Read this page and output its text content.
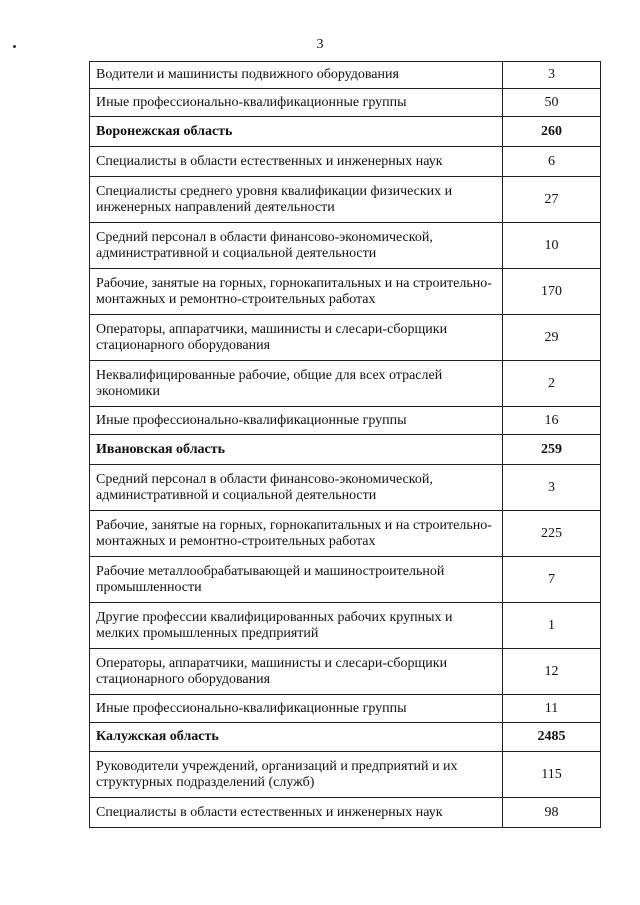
3
Водители и машинисты подвижного оборудования	3
Иные профессионально-квалификационные группы	50
Воронежская область	260
Специалисты в области естественных и инженерных наук	6
Специалисты среднего уровня квалификации физических и инженерных направлений деятельности	27
Средний персонал в области финансово-экономической, административной и социальной деятельности	10
Рабочие, занятые на горных, горнокапитальных и на строительно-монтажных и ремонтно-строительных работах	170
Операторы, аппаратчики, машинисты и слесари-сборщики стационарного оборудования	29
Неквалифицированные рабочие, общие для всех отраслей экономики	2
Иные профессионально-квалификационные группы	16
Ивановская область	259
Средний персонал в области финансово-экономической, административной и социальной деятельности	3
Рабочие, занятые на горных, горнокапитальных и на строительно-монтажных и ремонтно-строительных работах	225
Рабочие металлообрабатывающей и машиностроительной промышленности	7
Другие профессии квалифицированных рабочих крупных и мелких промышленных предприятий	1
Операторы, аппаратчики, машинисты и слесари-сборщики стационарного оборудования	12
Иные профессионально-квалификационные группы	11
Калужская область	2485
Руководители учреждений, организаций и предприятий и их структурных подразделений (служб)	115
Специалисты в области естественных и инженерных наук	98
